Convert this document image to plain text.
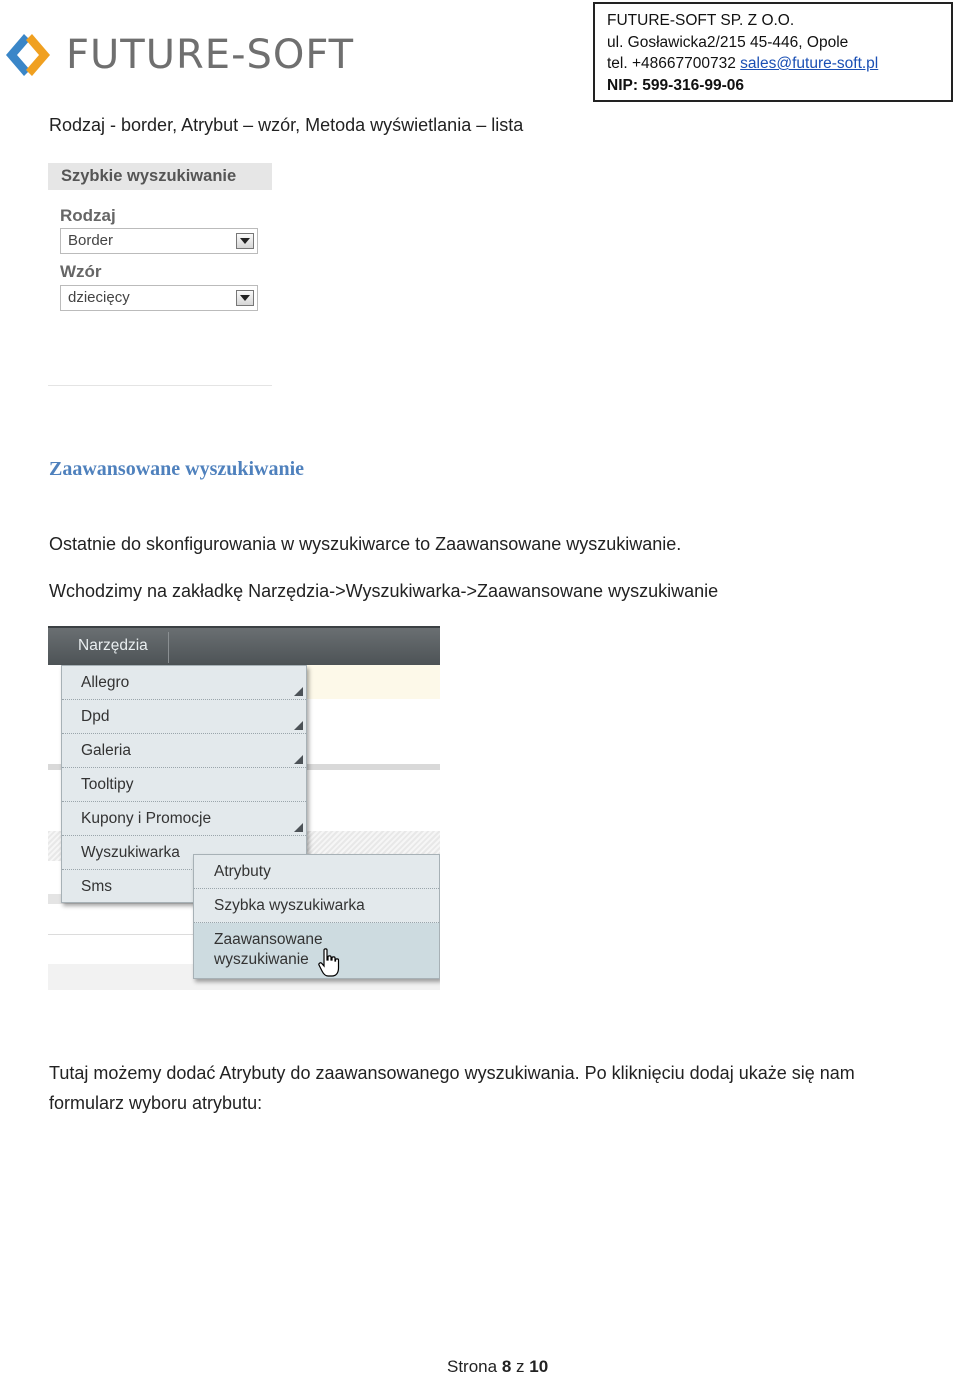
FUTURE-SOFT
FUTURE-SOFT SP. Z O.O.
ul. Gosławicka2/215 45-446, Opole
tel. +48667700732 sales@future-soft.pl
NIP: 599-316-99-06
Rodzaj - border, Atrybut – wzór, Metoda wyświetlania – lista
Szybkie wyszukiwanie
Rodzaj
Border
Wzór
dziecięcy
Zaawansowane wyszukiwanie
Ostatnie do skonfigurowania w wyszukiwarce to Zaawansowane wyszukiwanie.
Wchodzimy na zakładkę Narzędzia->Wyszukiwarka->Zaawansowane wyszukiwanie
Narzędzia
Allegro
Dpd
Galeria
Tooltipy
Kupony i Promocje
Wyszukiwarka
Sms
Atrybuty
Szybka wyszukiwarka
Zaawansowane
wyszukiwanie
Tutaj możemy dodać Atrybuty do zaawansowanego wyszukiwania. Po kliknięciu dodaj ukaże się nam
formularz wyboru atrybutu:
Strona 8 z 10
